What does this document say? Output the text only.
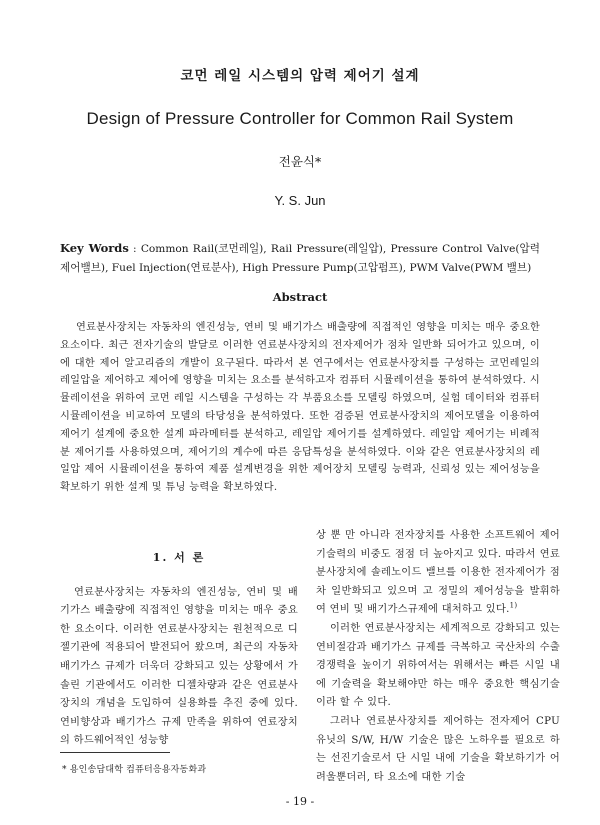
코먼 레일 시스템의 압력 제어기 설계
Design of Pressure Controller for Common Rail System
전윤식*
Y. S. Jun
Key Words : Common Rail(코먼레일), Rail Pressure(레일압), Pressure Control Valve(압력제어밸브), Fuel Injection(연료분사), High Pressure Pump(고압펌프), PWM Valve(PWM 밸브)
Abstract
연료분사장치는 자동차의 엔진성능, 연비 및 배기가스 배출량에 직접적인 영향을 미치는 매우 중요한 요소이다. 최근 전자기술의 발달로 이러한 연료분사장치의 전자제어가 점차 일반화 되어가고 있으며, 이에 대한 제어 알고리즘의 개발이 요구된다. 따라서 본 연구에서는 연료분사장치를 구성하는 코먼레일의 레일압을 제어하고 제어에 영향을 미치는 요소를 분석하고자 컴퓨터 시뮬레이션을 통하여 분석하였다. 시뮬레이션을 위하여 코먼 레일 시스템을 구성하는 각 부품요소를 모델링 하였으며, 실험 데이터와 컴퓨터 시뮬레이션을 비교하여 모델의 타당성을 분석하였다. 또한 검증된 연료분사장치의 제어모델을 이용하여 제어기 설계에 중요한 설계 파라메터를 분석하고, 레일압 제어기를 설계하였다. 레일압 제어기는 비례적분 제어기를 사용하였으며, 제어기의 계수에 따른 응답특성을 분석하였다. 이와 같은 연료분사장치의 레일압 제어 시뮬레이션을 통하여 제품 설계변경을 위한 제어장치 모델링 능력과, 신뢰성 있는 제어성능을 확보하기 위한 설계 및 튜닝 능력을 확보하였다.
1. 서 론

연료분사장치는 자동차의 엔진성능, 연비 및 배기가스 배출량에 직접적인 영향을 미치는 매우 중요한 요소이다. 이러한 연료분사장치는 원천적으로 디젤기관에 적용되어 발전되어 왔으며, 최근의 자동차 배기가스 규제가 더욱더 강화되고 있는 상황에서 가솔린 기관에서도 이러한 디젤차량과 같은 연료분사장치의 개념을 도입하여 실용화를 추진 중에 있다. 연비향상과 배기가스 규제 만족을 위하여 연료장치의 하드웨어적인 성능향

상 뿐 만 아니라 전자장치를 사용한 소프트웨어 제어기술력의 비중도 점점 더 높아지고 있다. 따라서 연료분사장치에 솔레노이드 밸브를 이용한 전자제어가 점차 일반화되고 있으며 고 정밀의 제어성능을 발휘하여 연비 및 배기가스규제에 대처하고 있다.$^{1)}$

이러한 연료분사장치는 세계적으로 강화되고 있는 연비절감과 배기가스 규제를 극복하고 국산차의 수출 경쟁력을 높이기 위하여서는 위해서는 빠른 시일 내에 기술력을 확보해야만 하는 매우 중요한 핵심기술이라 할 수 있다.

그러나 연료분사장치를 제어하는 전자제어 CPU 유닛의 S/W, H/W 기술은 많은 노하우를 필요로 하는 선진기술로서 단 시일 내에 기술을 확보하기가 어려울뿐더러, 타 요소에 대한 기술

* 용인송담대학 컴퓨터응용자동화과
- 19 -
